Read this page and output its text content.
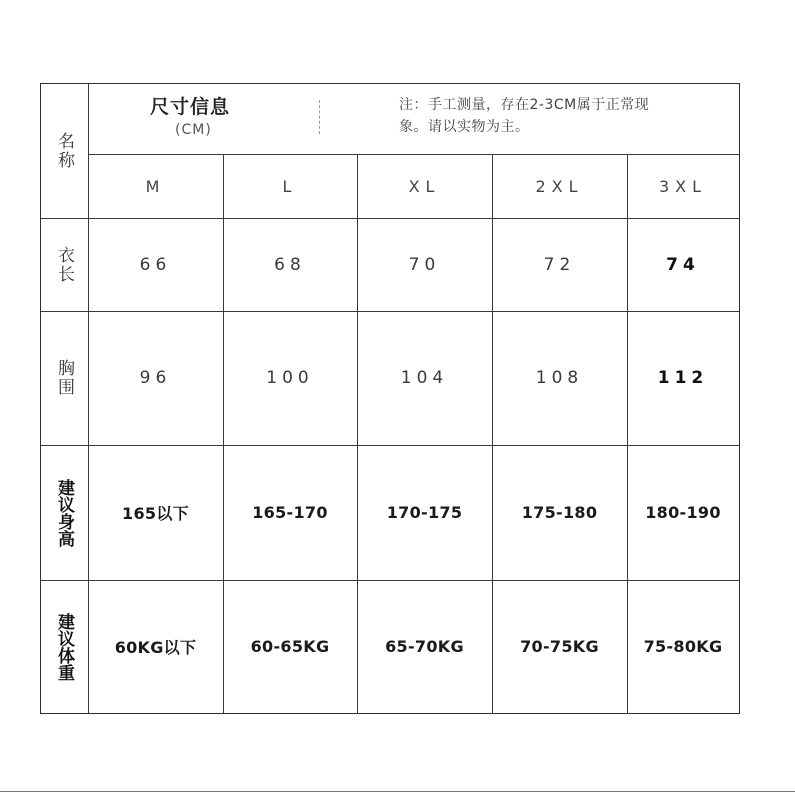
名称
尺寸信息
(CM)
注：手工测量，存在2-3CM属于正常现
象。请以实物为主。
M	L	XL	2XL	3XL
衣长	66	68	70	72	74
胸围	96	100	104	108	112
建议身高	165以下	165-170	170-175	175-180	180-190
建议体重	60KG以下	60-65KG	65-70KG	70-75KG	75-80KG
